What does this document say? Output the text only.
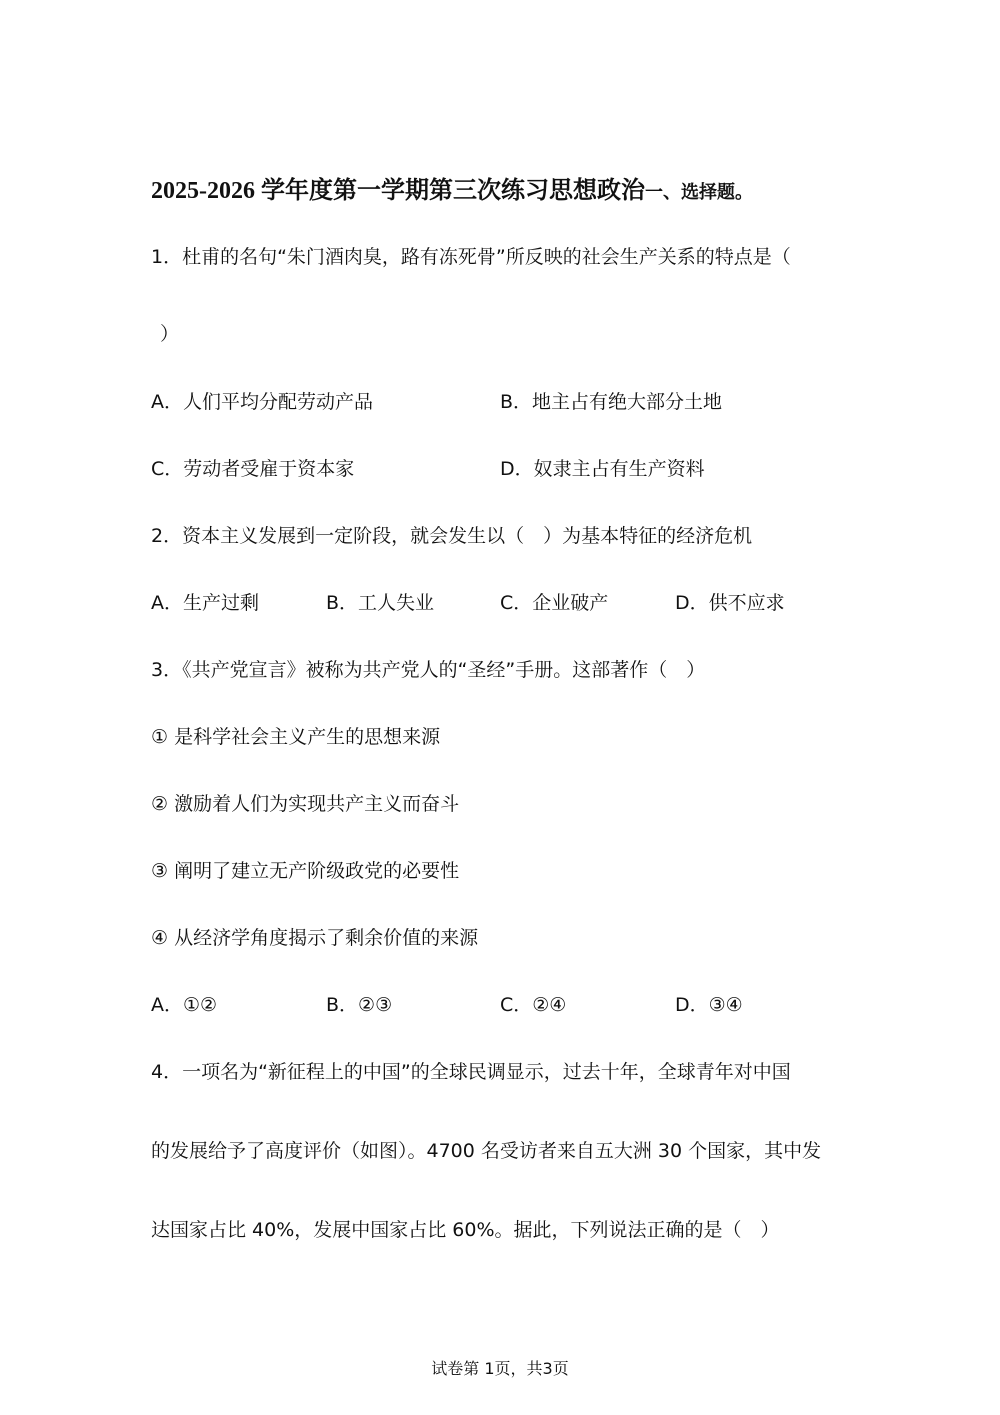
2025-2026 学年度第一学期第三次练习思想政治一、选择题。
1．杜甫的名句“朱门酒肉臭，路有冻死骨”所反映的社会生产关系的特点是（
）
A．人们平均分配劳动产品	B．地主占有绝大部分土地
C．劳动者受雇于资本家	D．奴隶主占有生产资料
2．资本主义发展到一定阶段，就会发生以（　）为基本特征的经济危机
A．生产过剩	B．工人失业	C．企业破产	D．供不应求
3．《共产党宣言》被称为共产党人的“圣经”手册。这部著作（　）
① 是科学社会主义产生的思想来源
② 激励着人们为实现共产主义而奋斗
③ 阐明了建立无产阶级政党的必要性
④ 从经济学角度揭示了剩余价值的来源
A．①②	B．②③	C．②④	D．③④
4．一项名为“新征程上的中国”的全球民调显示，过去十年，全球青年对中国
的发展给予了高度评价（如图）。4700 名受访者来自五大洲 30 个国家，其中发
达国家占比 40%，发展中国家占比 60%。据此，下列说法正确的是（　）
试卷第 1页，共3页
